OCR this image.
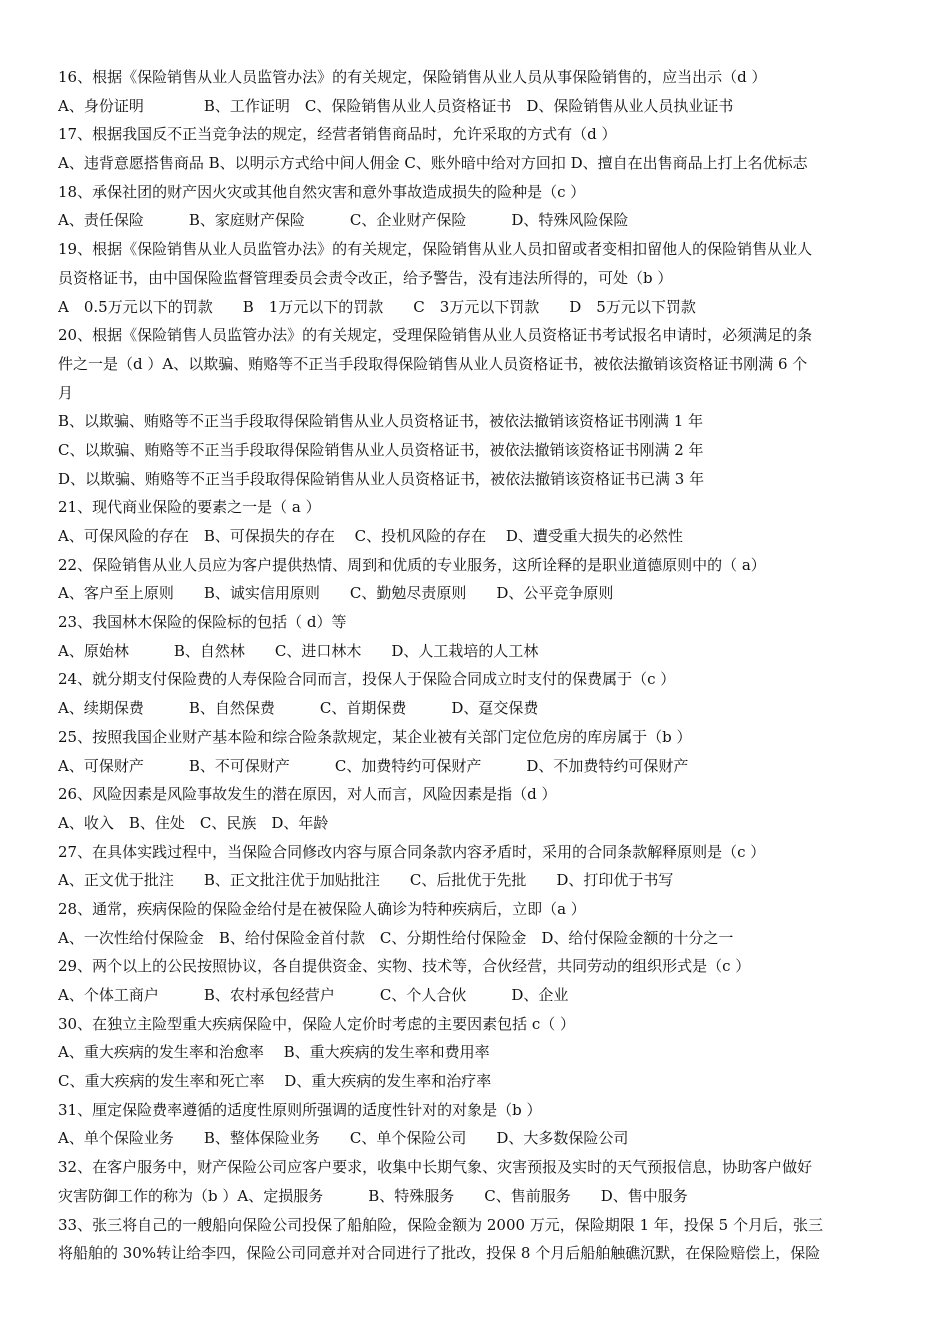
16、根据《保险销售从业人员监管办法》的有关规定，保险销售从业人员从事保险销售的，应当出示（d ）
A、身份证明　　　　B、工作证明　C、保险销售从业人员资格证书　D、保险销售从业人员执业证书
17、根据我国反不正当竞争法的规定，经营者销售商品时，允许采取的方式有（d ）
A、违背意愿搭售商品 B、以明示方式给中间人佣金 C、账外暗中给对方回扣 D、擅自在出售商品上打上名优标志
18、承保社团的财产因火灾或其他自然灾害和意外事故造成损失的险种是（c ）
A、责任保险　　　B、家庭财产保险　　　C、企业财产保险　　　D、特殊风险保险
19、根据《保险销售从业人员监管办法》的有关规定，保险销售从业人员扣留或者变相扣留他人的保险销售从业人
员资格证书，由中国保险监督管理委员会责令改正，给予警告，没有违法所得的，可处（b ）
A　0.5万元以下的罚款　　B　1万元以下的罚款　　C　3万元以下罚款　　D　5万元以下罚款
20、根据《保险销售人员监管办法》的有关规定，受理保险销售从业人员资格证书考试报名申请时，必须满足的条
件之一是（d ）A、以欺骗、贿赂等不正当手段取得保险销售从业人员资格证书，被依法撤销该资格证书刚满 6 个
月
B、以欺骗、贿赂等不正当手段取得保险销售从业人员资格证书，被依法撤销该资格证书刚满 1 年
C、以欺骗、贿赂等不正当手段取得保险销售从业人员资格证书，被依法撤销该资格证书刚满 2 年
D、以欺骗、贿赂等不正当手段取得保险销售从业人员资格证书，被依法撤销该资格证书已满 3 年
21、现代商业保险的要素之一是（ a ）
A、可保风险的存在　B、可保损失的存在　 C、投机风险的存在　 D、遭受重大损失的必然性
22、保险销售从业人员应为客户提供热情、周到和优质的专业服务，这所诠释的是职业道德原则中的（ a）
A、客户至上原则　　B、诚实信用原则　　C、勤勉尽责原则　　D、公平竞争原则
23、我国林木保险的保险标的包括（ d）等
A、原始林　　　B、自然林　　C、进口林木　　D、人工栽培的人工林
24、就分期支付保险费的人寿保险合同而言，投保人于保险合同成立时支付的保费属于（c ）
A、续期保费　　　B、自然保费　　　C、首期保费　　　D、趸交保费
25、按照我国企业财产基本险和综合险条款规定，某企业被有关部门定位危房的库房属于（b ）
A、可保财产　　　B、不可保财产　　　C、加费特约可保财产　　　D、不加费特约可保财产
26、风险因素是风险事故发生的潜在原因，对人而言，风险因素是指（d ）
A、收入　B、住处　C、民族　D、年龄
27、在具体实践过程中，当保险合同修改内容与原合同条款内容矛盾时，采用的合同条款解释原则是（c ）
A、正文优于批注　　B、正文批注优于加贴批注　　C、后批优于先批　　D、打印优于书写
28、通常，疾病保险的保险金给付是在被保险人确诊为特种疾病后，立即（a ）
A、一次性给付保险金　B、给付保险金首付款　C、分期性给付保险金　D、给付保险金额的十分之一
29、两个以上的公民按照协议，各自提供资金、实物、技术等，合伙经营，共同劳动的组织形式是（c ）
A、个体工商户　　　B、农村承包经营户　　　C、个人合伙　　　D、企业
30、在独立主险型重大疾病保险中，保险人定价时考虑的主要因素包括 c（ ）
A、重大疾病的发生率和治愈率　 B、重大疾病的发生率和费用率
C、重大疾病的发生率和死亡率　 D、重大疾病的发生率和治疗率
31、厘定保险费率遵循的适度性原则所强调的适度性针对的对象是（b ）
A、单个保险业务　　B、整体保险业务　　C、单个保险公司　　D、大多数保险公司
32、在客户服务中，财产保险公司应客户要求，收集中长期气象、灾害预报及实时的天气预报信息，协助客户做好
灾害防御工作的称为（b ）A、定损服务　　　B、特殊服务　　C、售前服务　　D、售中服务
33、张三将自己的一艘船向保险公司投保了船舶险，保险金额为 2000 万元，保险期限 1 年，投保 5 个月后，张三
将船舶的 30%转让给李四，保险公司同意并对合同进行了批改，投保 8 个月后船舶触礁沉默，在保险赔偿上，保险
